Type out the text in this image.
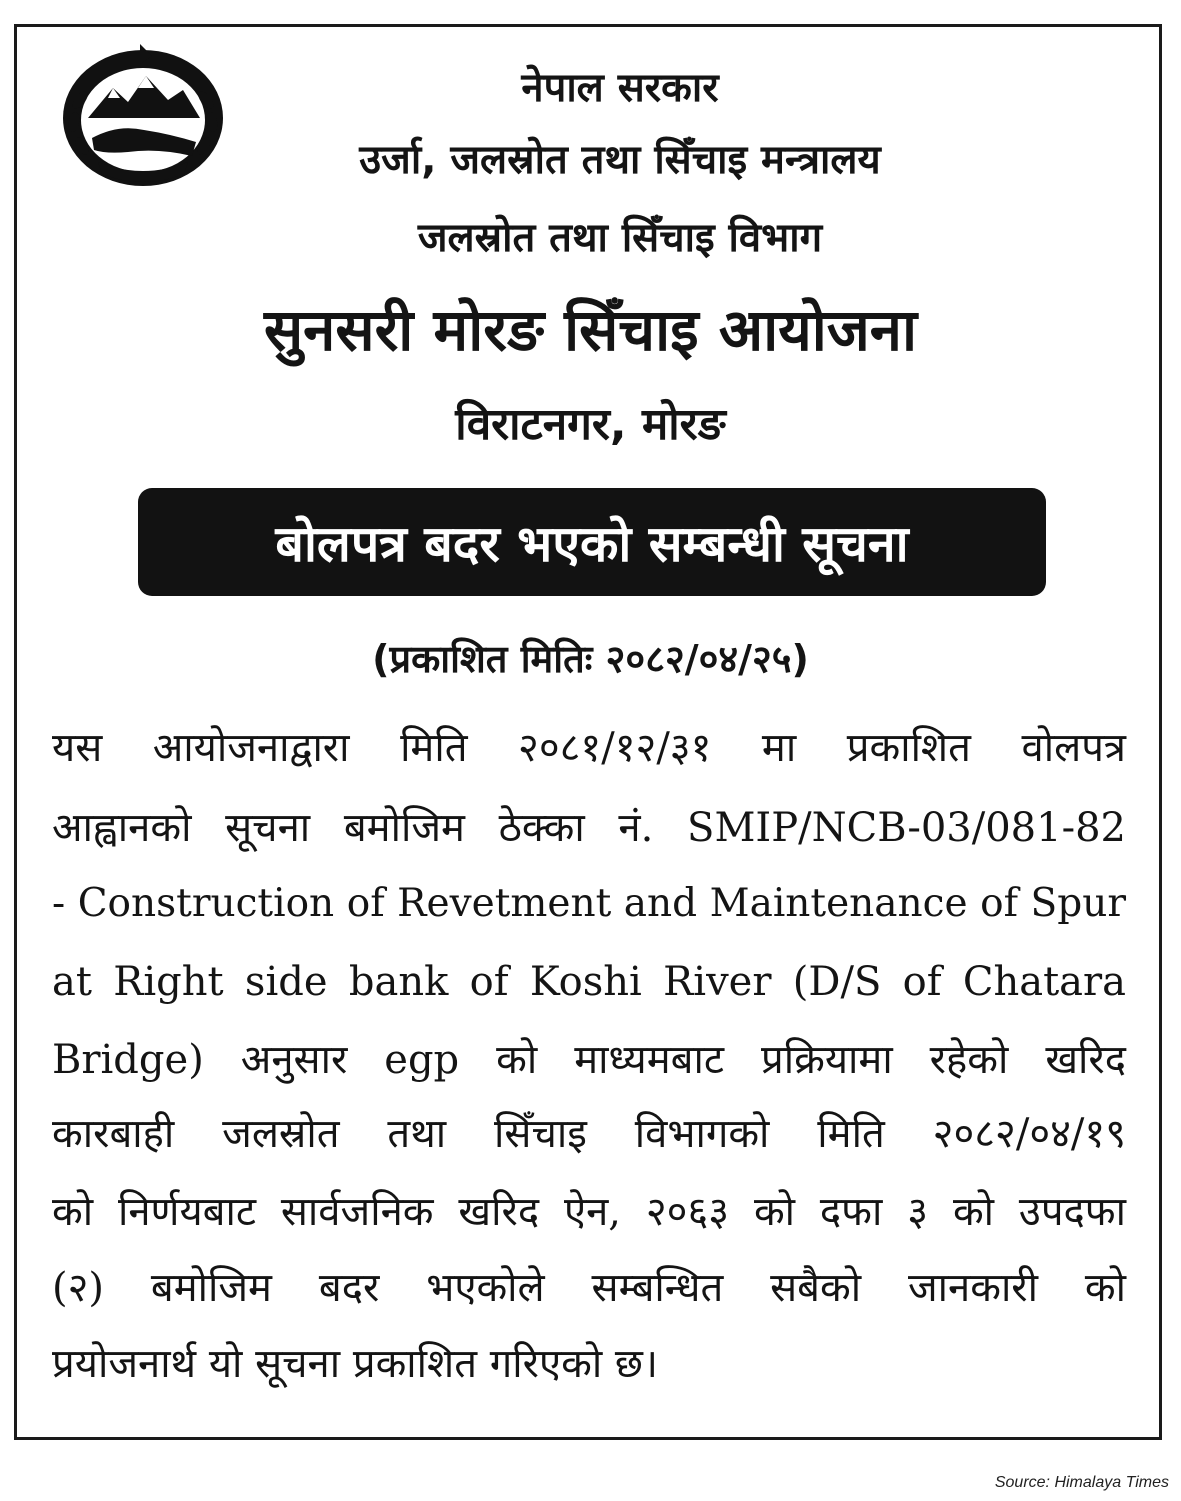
नेपाल सरकार
उर्जा, जलस्रोत तथा सिँचाइ मन्त्रालय
जलस्रोत तथा सिँचाइ विभाग
सुनसरी मोरङ सिँचाइ आयोजना
विराटनगर, मोरङ
बोलपत्र बदर भएको सम्बन्धी सूचना
(प्रकाशित मितिः २०८२/०४/२५)
यस आयोजनाद्वारा मिति २०८१/१२/३१ मा प्रकाशित वोलपत्र
आह्वानको सूचना बमोजिम ठेक्का नं. SMIP/NCB-03/081-82
- Construction of Revetment and Maintenance of Spur
at Right side bank of Koshi River (D/S of Chatara
Bridge) अनुसार egp को माध्यमबाट प्रक्रियामा रहेको खरिद
कारबाही जलस्रोत तथा सिँचाइ विभागको मिति २०८२/०४/१९
को निर्णयबाट सार्वजनिक खरिद ऐन, २०६३ को दफा ३ को उपदफा
(२) बमोजिम बदर भएकोले सम्बन्धित सबैको जानकारी को
प्रयोजनार्थ यो सूचना प्रकाशित गरिएको छ।
Source: Himalaya Times
